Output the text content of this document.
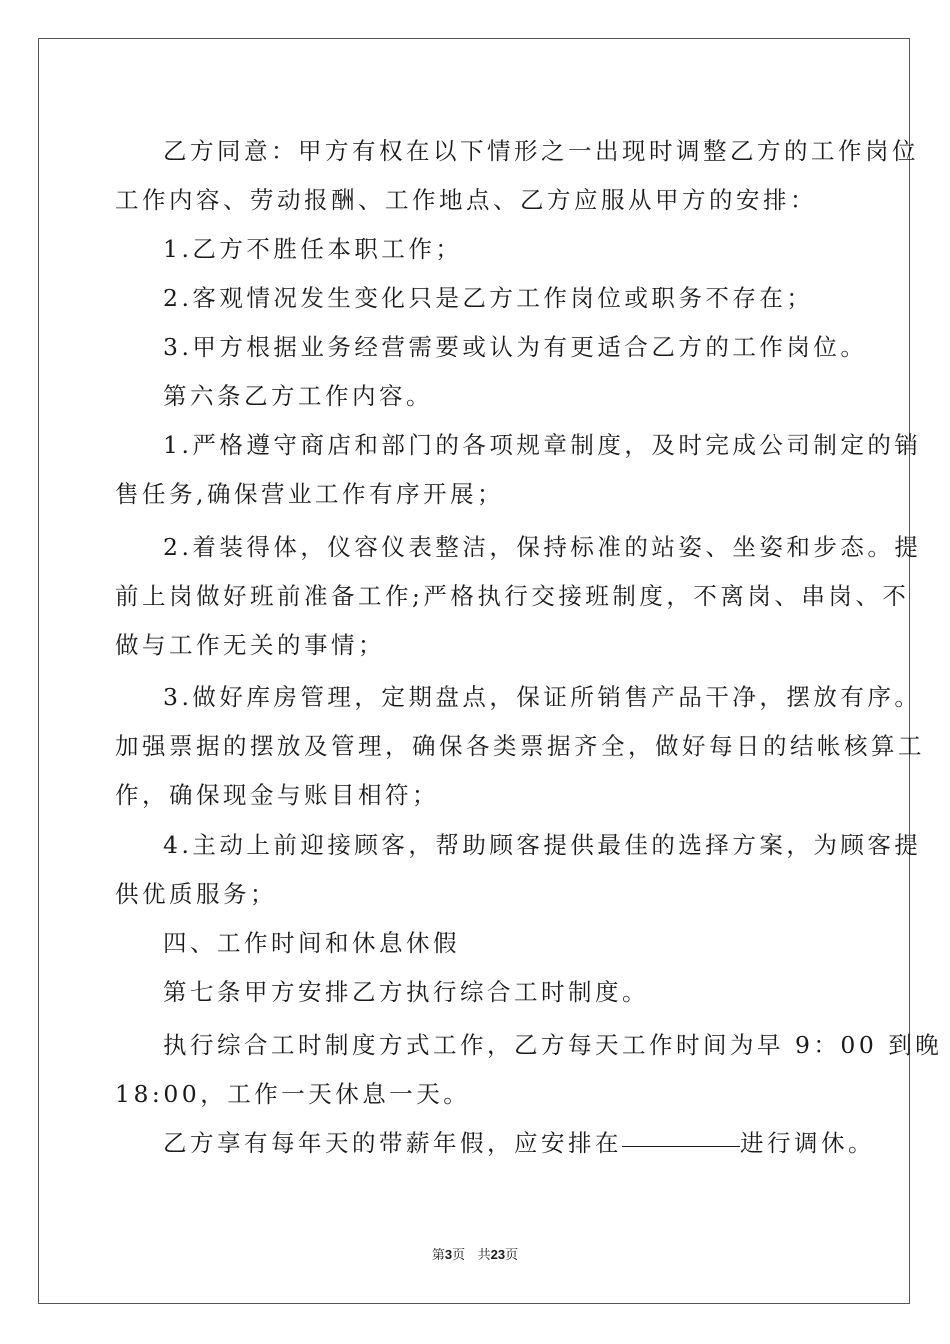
乙方同意：甲方有权在以下情形之一出现时调整乙方的工作岗位
工作内容、劳动报酬、工作地点、乙方应服从甲方的安排：
1.乙方不胜任本职工作；
2.客观情况发生变化只是乙方工作岗位或职务不存在；
3.甲方根据业务经营需要或认为有更适合乙方的工作岗位。
第六条乙方工作内容。
1.严格遵守商店和部门的各项规章制度，及时完成公司制定的销
售任务,确保营业工作有序开展；
2.着装得体，仪容仪表整洁，保持标准的站姿、坐姿和步态。提
前上岗做好班前准备工作;严格执行交接班制度，不离岗、串岗、不
做与工作无关的事情；
3.做好库房管理，定期盘点，保证所销售产品干净，摆放有序。
加强票据的摆放及管理，确保各类票据齐全，做好每日的结帐核算工
作，确保现金与账目相符；
4.主动上前迎接顾客，帮助顾客提供最佳的选择方案，为顾客提
供优质服务；
四、工作时间和休息休假
第七条甲方安排乙方执行综合工时制度。
执行综合工时制度方式工作，乙方每天工作时间为早 9：00 到晚
18:00，工作一天休息一天。
乙方享有每年天的带薪年假，应安排在	进行调休。
第3页 共23页
